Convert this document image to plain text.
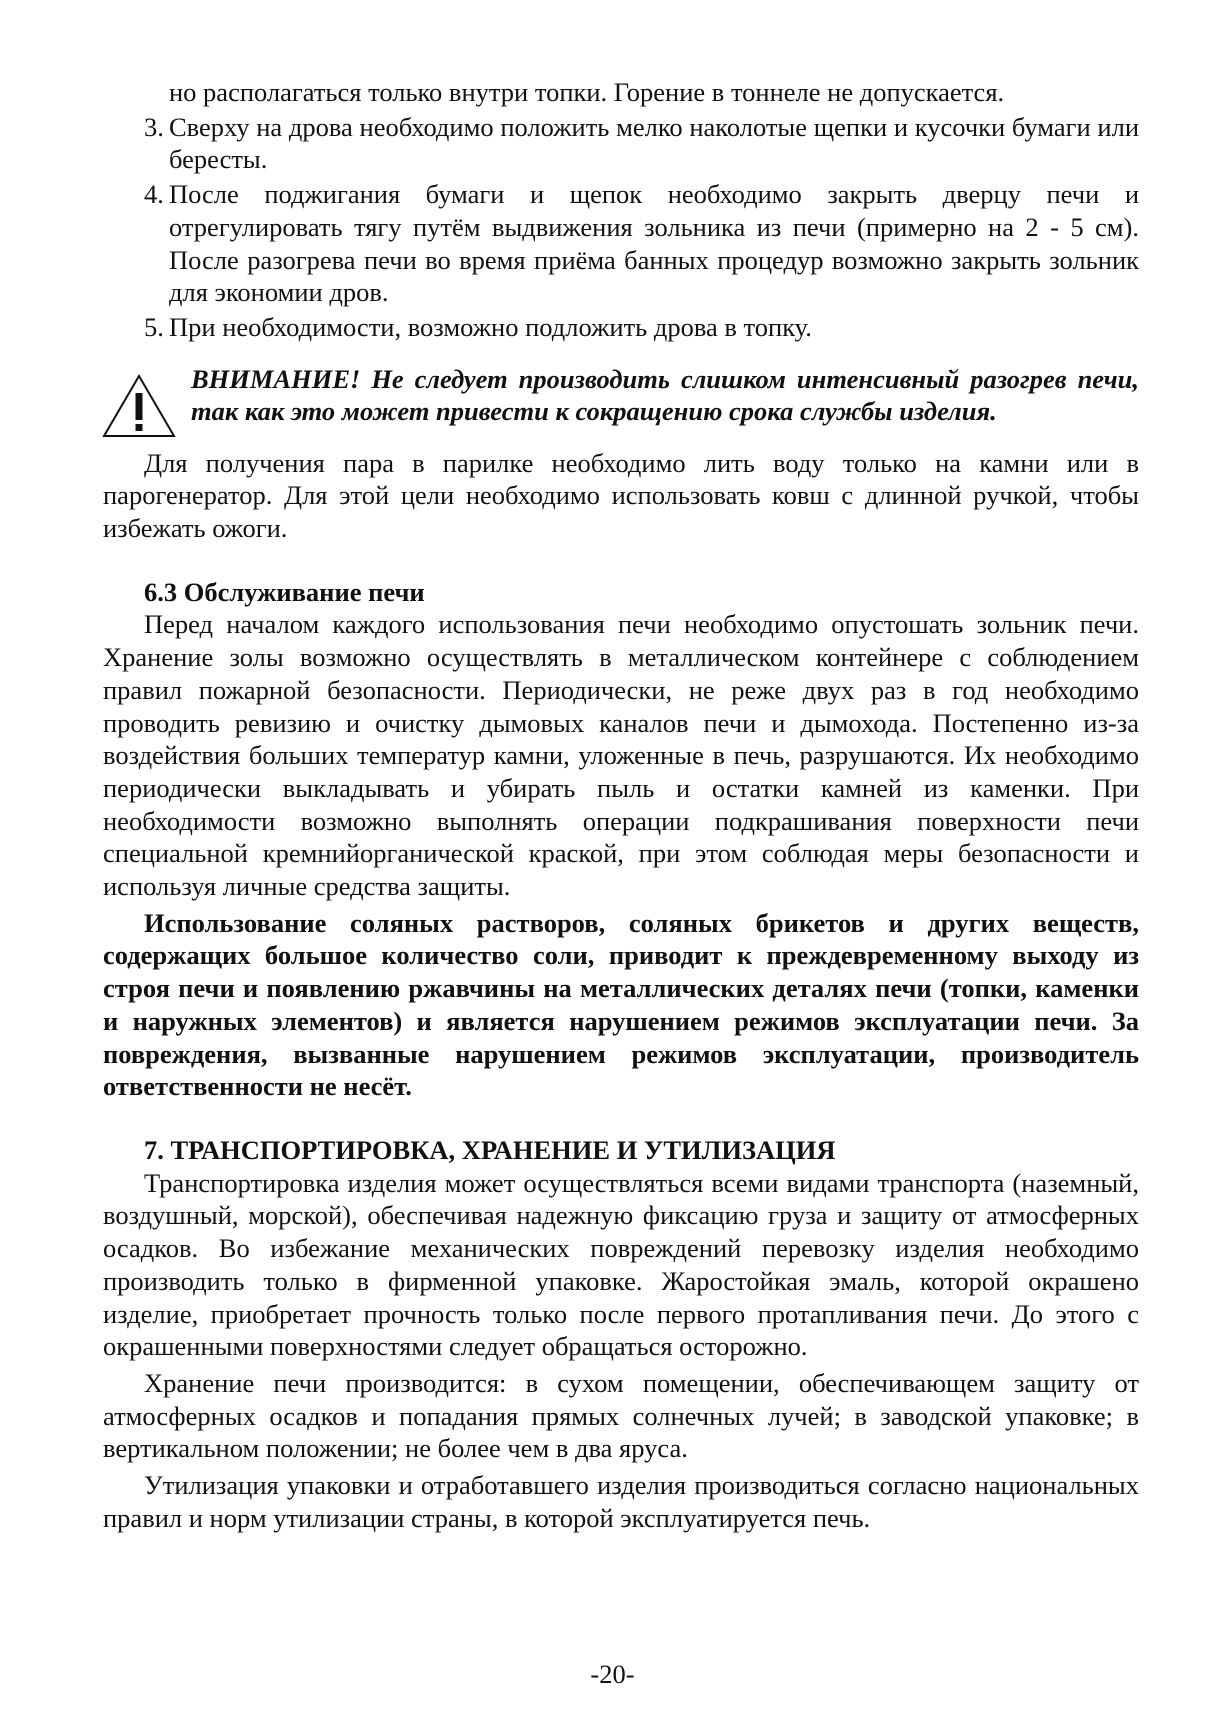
но располагаться только внутри топки. Горение в тоннеле не допускается.

3. Сверху на дрова необходимо положить мелко наколотые щепки и кусочки бумаги или бересты.
4. После поджигания бумаги и щепок необходимо закрыть дверцу печи и отрегулировать тягу путём выдвижения зольника из печи (примерно на 2 - 5 см). После разогрева печи во время приёма банных процедур возможно закрыть зольник для экономии дров.
5. При необходимости, возможно подложить дрова в топку.
ВНИМАНИЕ! Не следует производить слишком интенсивный разогрев печи, так как это может привести к сокращению срока службы изделия.

Для получения пара в парилке необходимо лить воду только на камни или в парогенератор. Для этой цели необходимо использовать ковш с длинной ручкой, чтобы избежать ожоги.

6.3 Обслуживание печи

Перед началом каждого использования печи необходимо опустошать зольник печи. Хранение золы возможно осуществлять в металлическом контейнере с соблюдением правил пожарной безопасности. Периодически, не реже двух раз в год необходимо проводить ревизию и очистку дымовых каналов печи и дымохода. Постепенно из-за воздействия больших температур камни, уложенные в печь, разрушаются. Их необходимо периодически выкладывать и убирать пыль и остатки камней из каменки. При необходимости возможно выполнять операции подкрашивания поверхности печи специальной кремнийорганической краской, при этом соблюдая меры безопасности и используя личные средства защиты.

Использование соляных растворов, соляных брикетов и других веществ, содержащих большое количество соли, приводит к преждевременному выходу из строя печи и появлению ржавчины на металлических деталях печи (топки, каменки и наружных элементов) и является нарушением режимов эксплуатации печи. За повреждения, вызванные нарушением режимов эксплуатации, производитель ответственности не несёт.

7. ТРАНСПОРТИРОВКА, ХРАНЕНИЕ И УТИЛИЗАЦИЯ

Транспортировка изделия может осуществляться всеми видами транспорта (наземный, воздушный, морской), обеспечивая надежную фиксацию груза и защиту от атмосферных осадков. Во избежание механических повреждений перевозку изделия необходимо производить только в фирменной упаковке. Жаростойкая эмаль, которой окрашено изделие, приобретает прочность только после первого протапливания печи. До этого с окрашенными поверхностями следует обращаться осторожно.

Хранение печи производится: в сухом помещении, обеспечивающем защиту от атмосферных осадков и попадания прямых солнечных лучей; в заводской упаковке; в вертикальном положении; не более чем в два яруса.

Утилизация упаковки и отработавшего изделия производиться согласно национальных правил и норм утилизации страны, в которой эксплуатируется печь.

-20-
